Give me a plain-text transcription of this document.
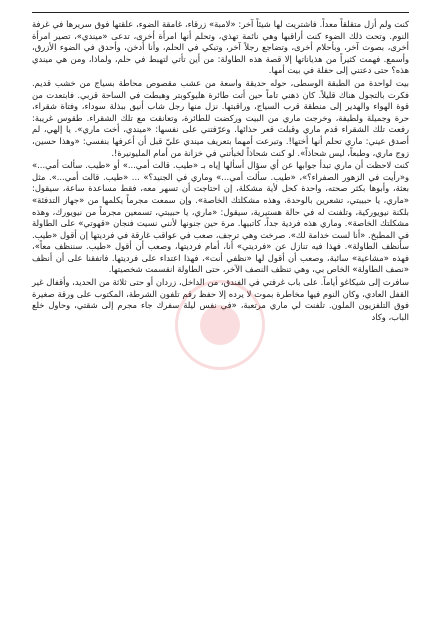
كنت ولم أزل متقلقاً معداً. فاشتريت لها شيئاً آخر: «لامبة» زرقاء، غامقة الضوء، علقتها فوق سريرها في غرفة النوم. وتحت ذلك الضوء كنت أراقبها وهي نائمة تهذي، وتحلم أنها امرأة أخرى، تدعى «ميندي»، تصير امرأة أخرى، بصوت آخر، وبأحلام أخرى، وتضاجع رجلاً آخر، وتبكي في الحلم، وأنا أدخن، وأحدق في الضوء الأزرق، وأسمع. فهمت كثيراً من هذياناتها إلا قصة هذه الطاولة: من أين تأتي لتهبط في حلم، ولماذا، ومن هي ميندي هذه؟ حتى دعتني إلى حفلة في بيت أمها.

بيت لواحدة من الطبقة الوسطى، حوله حديقة واسعة من عشب مقصوص محاطة بسياج من خشب قديم. فكرت بالتجول هناك قليلاً. كان ذهني تاماً حين أتت طائرة هليوكوبتر وهبطت في الساحة قربي. فابتعدت من قوة الهواء والهدير إلى منطقة قرب السياج، وراقبتها. نزل منها رجل شاب أنيق ببذلة سوداء، وفتاة شقراء، حرة وجميلة ولطيفة، وخرجت ماري من البيت وركضت للطائرة، وتعانقت مع تلك الشقراء. طقوس غريبة: رفعت تلك الشقراء قدم ماري وقبلت قعر حذائها. وعرّفتني على نفسها: «ميندي، أخت ماري». يا إلهي، لم أصدق عيني: ماري تحلم أنها أختها!. وتبرعت أمهما بتعريف ميندي عليّ قبل أن أعرفها بنفسي: «وهذا حسين، زوج ماري، وطبعاً، ليس شحاذاً». لو كنت شحاذاً لخبأتني في خزانة من أمام المليونيرة!.

كنت لاحظت أن ماري تبدأ جوابها عن أي سؤال أسألها إياه بـ «طيب. قالت أمي...» أو «طيب. سألت أمي...» و«رأيت في الزهور الصفراء؟»، «طيب. سألت أمي...» وماري في الجنيد؟» ... «طيب. قالت أمي...». مثل بعثة، وأبوها بكثر صحته، واحدة كحل لأية مشكلة، إن احتاجت أن تسهر معه، فقط مساعدة ساعة، سيقول: «ماري، يا حبيبتي، تشعرين بالوحدة، وهذه مشكلتك الخاصة». وإن سمعت مجرماً يكلمها من «جهاز التدفئة» بلكنة نيويوركية، وتلفنت له في حالة هستيرية، سيقول: «ماري، يا حبيبتي، تسمعين مجرماً من نيويورك، وهذه مشكلتك الخاصة». وماري هذه فردية جداً، كاتبيها. مرة حين جنونها لأنني نسيت فنجان «قهوتي» على الطاولة في المطبخ. «أنا لست خدامة لك». صرخت وهي ترجف، صعب في عواقب غارقة في فرديتها إن أقول «طيب. سأنظف الطاولة». فهذا فيه تنازل عن «فرديتي» أنا، أمام فرديتها، وصعب أن أقول «طيب. سننظف معاً»، فهذه «مشاعية» سائبة، وصعب أن أقول لها «نظفي أنت»، فهذا اعتداء على فرديتها. فاتفقنا على أن أنظف «نصف الطاولة» الخاص بي، وهي تنظف النصف الآخر، حتى الطاولة انقسمت شخصيتها.

سافرت إلى شيكاغو أياماً. على باب غرفتي في الفندق، من الداخل، زردان أو حتى ثلاثة من الحديد، وأقفال غير القفل العادي، وكان النوم فيها مخاطرة بموت لا يرده إلا حفظ رقم تلفون الشرطة، المكتوب على ورقة صغيرة فوق التلفزيون الملون. تلفنت لي ماري مرتعبة، «في نفس ليلة سفرك جاء مجرم إلى شقتي، وحاول خلع الباب، وكاد
